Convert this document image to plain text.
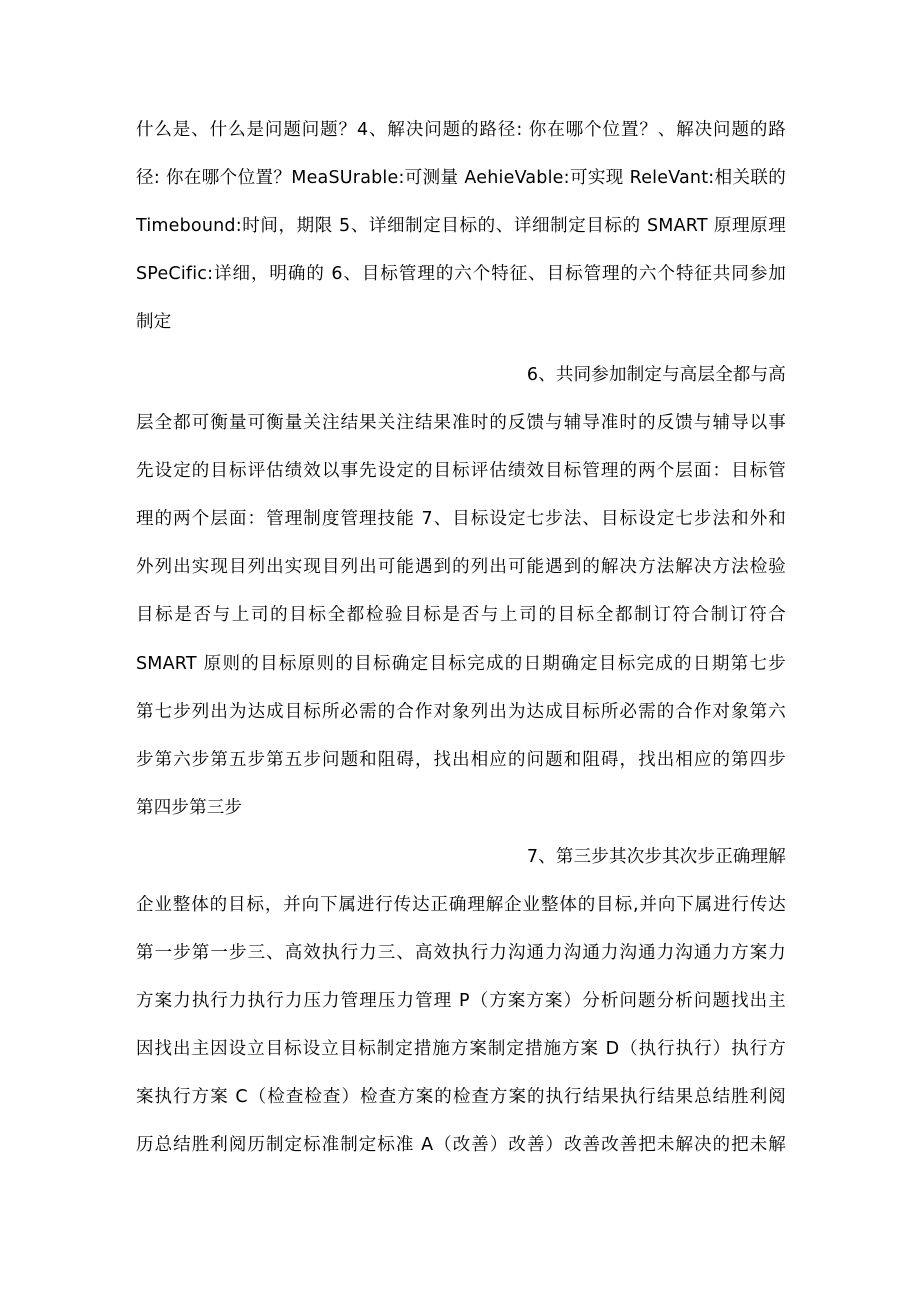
什么是、什么是问题问题？4、解决问题的路径: 你在哪个位置？、解决问题的路
径: 你在哪个位置？MeaSUrable:可测量 AehieVable:可实现 ReleVant:相关联的
Timebound:时间，期限 5、详细制定目标的、详细制定目标的 SMART 原理原理
SPeCific:详细，明确的 6、目标管理的六个特征、目标管理的六个特征共同参加
制定
6、共同参加制定与高层全都与高
层全都可衡量可衡量关注结果关注结果准时的反馈与辅导准时的反馈与辅导以事
先设定的目标评估绩效以事先设定的目标评估绩效目标管理的两个层面：目标管
理的两个层面：管理制度管理技能 7、目标设定七步法、目标设定七步法和外和
外列出实现目列出实现目列出可能遇到的列出可能遇到的解决方法解决方法检验
目标是否与上司的目标全都检验目标是否与上司的目标全都制订符合制订符合
SMART 原则的目标原则的目标确定目标完成的日期确定目标完成的日期第七步
第七步列出为达成目标所必需的合作对象列出为达成目标所必需的合作对象第六
步第六步第五步第五步问题和阻碍，找出相应的问题和阻碍，找出相应的第四步
第四步第三步
7、第三步其次步其次步正确理解
企业整体的目标，并向下属进行传达正确理解企业整体的目标,并向下属进行传达
第一步第一步三、高效执行力三、高效执行力沟通力沟通力沟通力沟通力方案力
方案力执行力执行力压力管理压力管理 P（方案方案）分析问题分析问题找出主
因找出主因设立目标设立目标制定措施方案制定措施方案 D（执行执行）执行方
案执行方案 C（检查检查）检查方案的检查方案的执行结果执行结果总结胜利阅
历总结胜利阅历制定标准制定标准 A（改善）改善）改善改善把未解决的把未解
